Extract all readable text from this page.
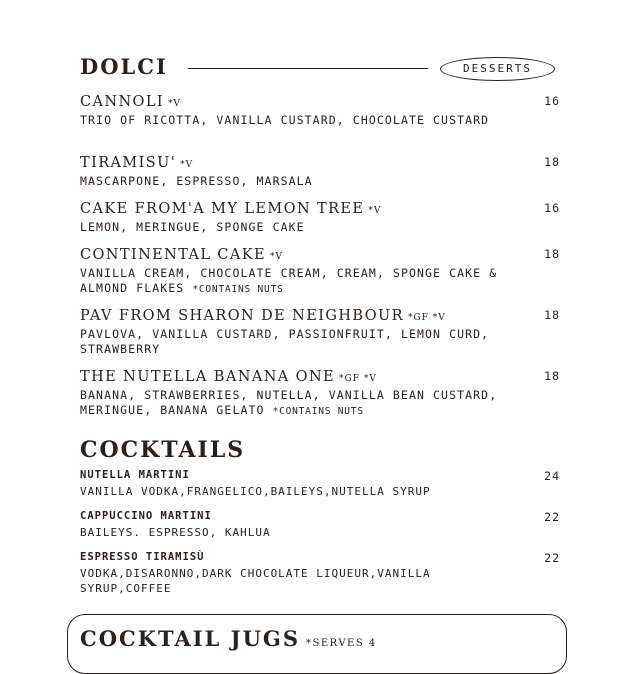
DOLCI	DESSERTS
CANNOLI *V
TRIO OF RICOTTA, VANILLA CUSTARD, CHOCOLATE CUSTARD
16
TIRAMISU' *V
MASCARPONE, ESPRESSO, MARSALA
18
CAKE FROM'A MY LEMON TREE *V
LEMON, MERINGUE, SPONGE CAKE
16
CONTINENTAL CAKE *V
VANILLA CREAM, CHOCOLATE CREAM, CREAM, SPONGE CAKE & ALMOND FLAKES *CONTAINS NUTS
18
PAV FROM SHARON DE NEIGHBOUR *GF *V
PAVLOVA, VANILLA CUSTARD, PASSIONFRUIT, LEMON CURD, STRAWBERRY
18
THE NUTELLA BANANA ONE *GF *V
BANANA, STRAWBERRIES, NUTELLA, VANILLA BEAN CUSTARD, MERINGUE, BANANA GELATO *CONTAINS NUTS
18
COCKTAILS
NUTELLA MARTINI
VANILLA VODKA,FRANGELICO,BAILEYS,NUTELLA SYRUP
24
CAPPUCCINO MARTINI
BAILEYS. ESPRESSO, KAHLUA
22
ESPRESSO TIRAMISÙ
VODKA,DISARONNO,DARK CHOCOLATE LIQUEUR,VANILLA SYRUP,COFFEE
22
COCKTAIL JUGS *SERVES 4
